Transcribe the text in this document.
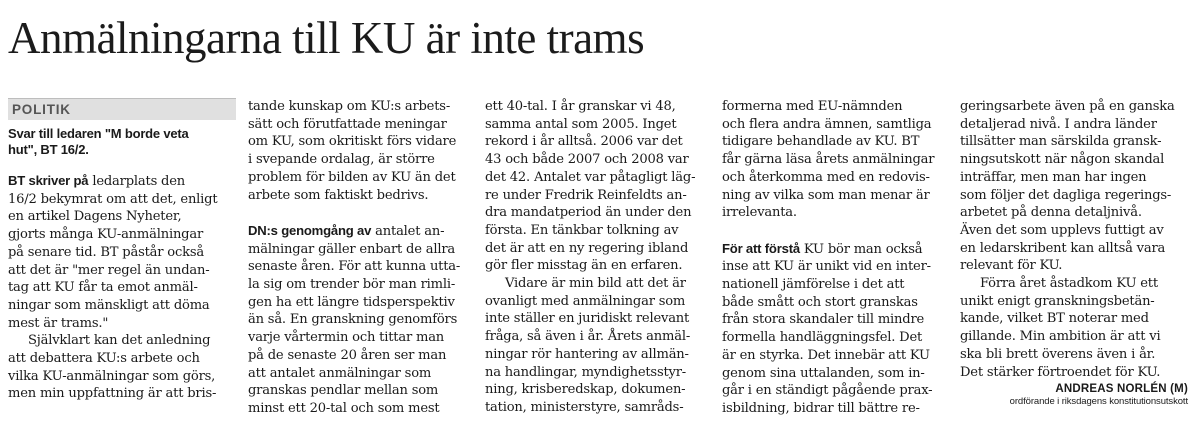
Anmälningarna till KU är inte trams
POLITIK
Svar till ledaren "M borde veta
hut", BT 16/2.

BT skriver på ledarplats den
16/2 bekymrat om att det, enligt
en artikel Dagens Nyheter,
gjorts många KU-anmälningar
på senare tid. BT påstår också
att det är "mer regel än undan-
tag att KU får ta emot anmäl-
ningar som mänskligt att döma
mest är trams."

Självklart kan det anledning
att debattera KU:s arbete och
vilka KU-anmälningar som görs,
men min uppfattning är att bris-

tande kunskap om KU:s arbets-
sätt och förutfattade meningar
om KU, som okritiskt förs vidare
i svepande ordalag, är större
problem för bilden av KU än det
arbete som faktiskt bedrivs.

DN:s genomgång av antalet an-
mälningar gäller enbart de allra
senaste åren. För att kunna utta-
la sig om trender bör man rimli-
gen ha ett längre tidsperspektiv
än så. En granskning genomförs
varje vårtermin och tittar man
på de senaste 20 åren ser man
att antalet anmälningar som
granskas pendlar mellan som
minst ett 20-tal och som mest

ett 40-tal. I år granskar vi 48,
samma antal som 2005. Inget
rekord i år alltså. 2006 var det
43 och både 2007 och 2008 var
det 42. Antalet var påtagligt läg-
re under Fredrik Reinfeldts an-
dra mandatperiod än under den
första. En tänkbar tolkning av
det är att en ny regering ibland
gör fler misstag än en erfaren.

Vidare är min bild att det är
ovanligt med anmälningar som
inte ställer en juridiskt relevant
fråga, så även i år. Årets anmäl-
ningar rör hantering av allmän-
na handlingar, myndighetsstyr-
ning, krisberedskap, dokumen-
tation, ministerstyre, samråds-

formerna med EU-nämnden
och flera andra ämnen, samtliga
tidigare behandlade av KU. BT
får gärna läsa årets anmälningar
och återkomma med en redovis-
ning av vilka som man menar är
irrelevanta.

För att förstå KU bör man också
inse att KU är unikt vid en inter-
nationell jämförelse i det att
både smått och stort granskas
från stora skandaler till mindre
formella handläggningsfel. Det
är en styrka. Det innebär att KU
genom sina uttalanden, som in-
går i en ständigt pågående prax-
isbildning, bidrar till bättre re-

geringsarbete även på en ganska
detaljerad nivå. I andra länder
tillsätter man särskilda gransk-
ningsutskott när någon skandal
inträffar, men man har ingen
som följer det dagliga regerings-
arbetet på denna detaljnivå.
Även det som upplevs futtigt av
en ledarskribent kan alltså vara
relevant för KU.

Förra året åstadkom KU ett
unikt enigt granskningsbetän-
kande, vilket BT noterar med
gillande. Min ambition är att vi
ska bli brett överens även i år.
Det stärker förtroendet för KU.

ANDREAS NORLÉN (M)
ordförande i riksdagens konstitutionsutskott
